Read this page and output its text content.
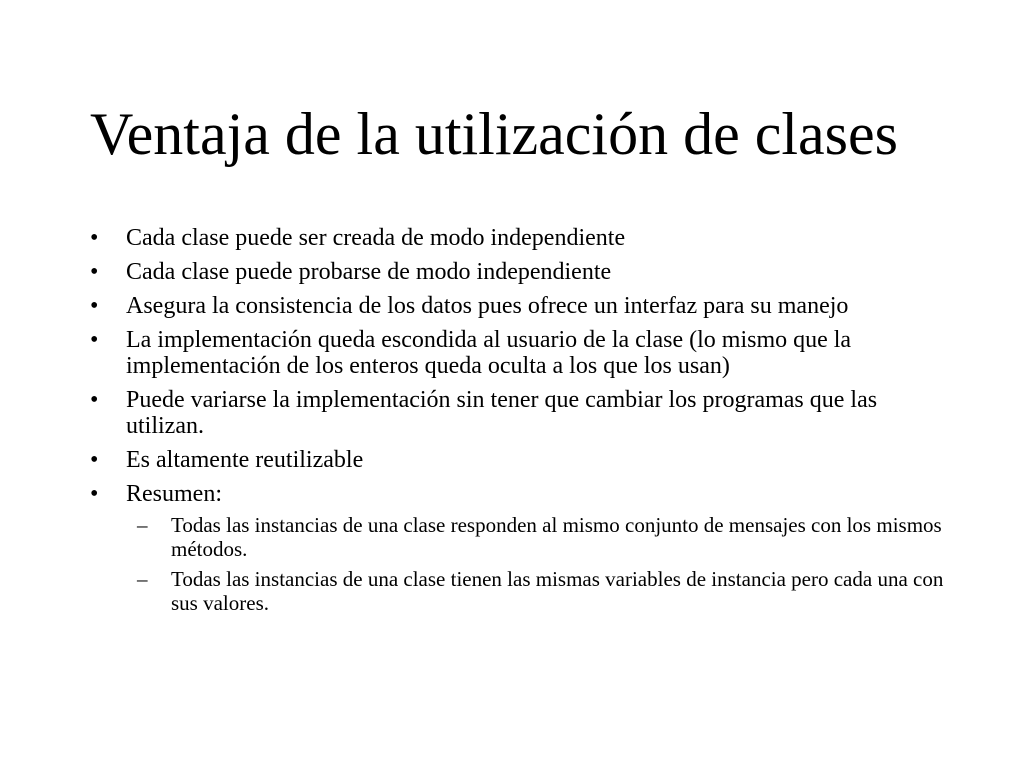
Ventaja de la utilización de clases
•	Cada clase puede ser creada de modo independiente
•	Cada clase puede probarse de modo independiente
•	Asegura la consistencia de los datos pues ofrece un interfaz para su manejo
•	La implementación queda escondida al usuario de la clase (lo mismo que la implementación de los enteros queda oculta a los que los usan)
•	Puede variarse la implementación sin tener que cambiar los programas que las utilizan.
•	Es altamente reutilizable
•	Resumen:
– Todas las instancias de una clase responden al mismo conjunto de mensajes con los mismos métodos.
– Todas las instancias de una clase tienen las mismas variables de instancia pero cada una con sus valores.
